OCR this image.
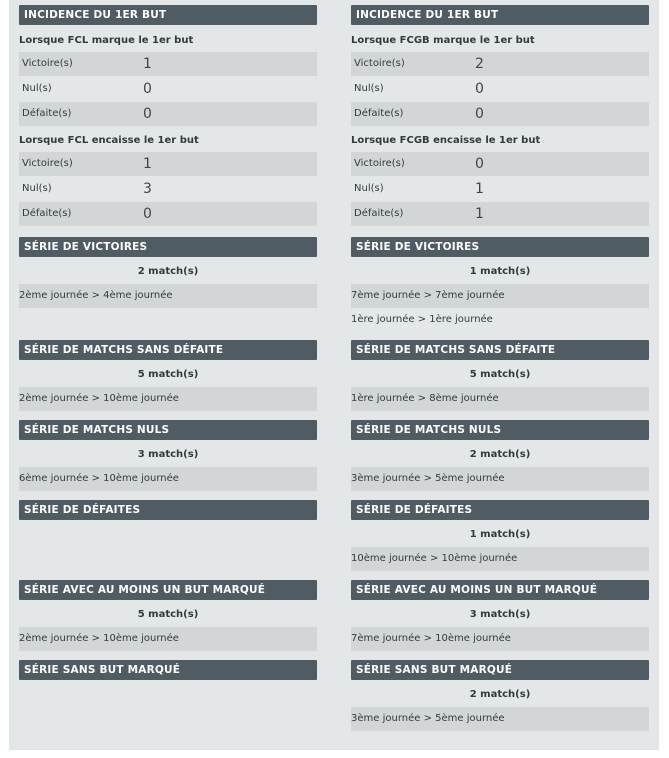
INCIDENCE DU 1ER BUT
Lorsque FCL marque le 1er but
Victoire(s)	1
Nul(s)	0
Défaite(s)	0
Lorsque FCL encaisse le 1er but
Victoire(s)	1
Nul(s)	3
Défaite(s)	0
SÉRIE DE VICTOIRES
2 match(s)
2ème journée > 4ème journée
SÉRIE DE MATCHS SANS DÉFAITE
5 match(s)
2ème journée > 10ème journée
SÉRIE DE MATCHS NULS
3 match(s)
6ème journée > 10ème journée
SÉRIE DE DÉFAITES
SÉRIE AVEC AU MOINS UN BUT MARQUÉ
5 match(s)
2ème journée > 10ème journée
SÉRIE SANS BUT MARQUÉ
INCIDENCE DU 1ER BUT
Lorsque FCGB marque le 1er but
Victoire(s)	2
Nul(s)	0
Défaite(s)	0
Lorsque FCGB encaisse le 1er but
Victoire(s)	0
Nul(s)	1
Défaite(s)	1
SÉRIE DE VICTOIRES
1 match(s)
7ème journée > 7ème journée
1ère journée > 1ère journée
SÉRIE DE MATCHS SANS DÉFAITE
5 match(s)
1ère journée > 8ème journée
SÉRIE DE MATCHS NULS
2 match(s)
3ème journée > 5ème journée
SÉRIE DE DÉFAITES
1 match(s)
10ème journée > 10ème journée
SÉRIE AVEC AU MOINS UN BUT MARQUÉ
3 match(s)
7ème journée > 10ème journée
SÉRIE SANS BUT MARQUÉ
2 match(s)
3ème journée > 5ème journée
